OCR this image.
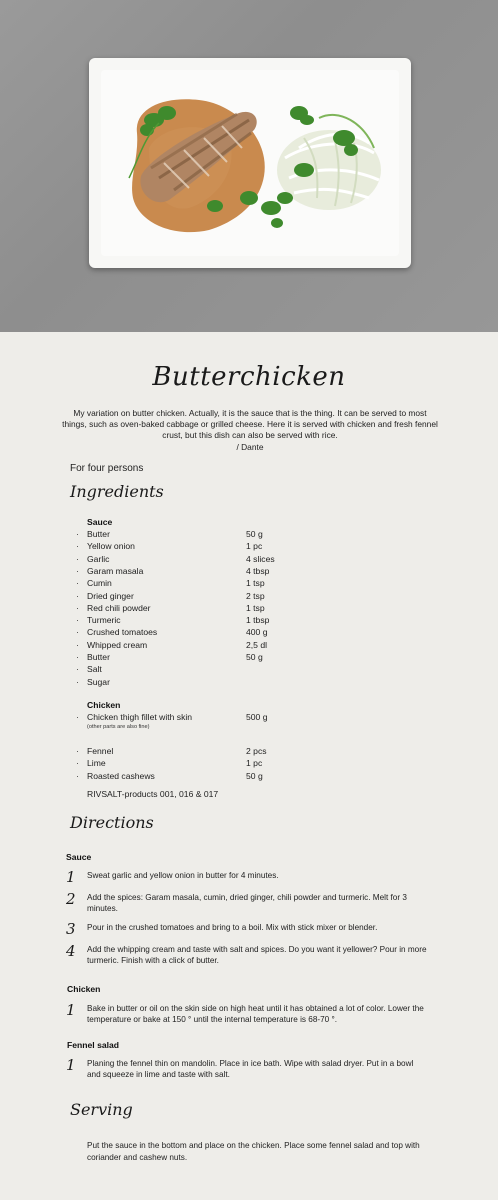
Butterchicken
My variation on butter chicken. Actually, it is the sauce that is the thing. It can be served to most things, such as oven-baked cabbage or grilled cheese. Here it is served with chicken and fresh fennel crust, but this dish can also be served with rice.
/ Dante
For four persons
Ingredients
Sauce
· Butter	50 g
· Yellow onion	1 pc
· Garlic	4 slices
· Garam masala	4 tbsp
· Cumin	1 tsp
· Dried ginger	2 tsp
· Red chili powder	1 tsp
· Turmeric	1 tbsp
· Crushed tomatoes	400 g
· Whipped cream	2,5 dl
· Butter	50 g
· Salt
· Sugar
Chicken
· Chicken thigh fillet with skin	500 g
(other parts are also fine)
· Fennel	2 pcs
· Lime	1 pc
· Roasted cashews	50 g
RIVSALT-products 001, 016 & 017
Directions
Sauce
1 Sweat garlic and yellow onion in butter for 4 minutes.
2 Add the spices: Garam masala, cumin, dried ginger, chili powder and turmeric. Melt for 3 minutes.
3 Pour in the crushed tomatoes and bring to a boil. Mix with stick mixer or blender.
4 Add the whipping cream and taste with salt and spices. Do you want it yellower? Pour in more turmeric. Finish with a click of butter.
Chicken
1 Bake in butter or oil on the skin side on high heat until it has obtained a lot of color. Lower the temperature or bake at 150 ° until the internal temperature is 68-70 °.
Fennel salad
1 Planing the fennel thin on mandolin. Place in ice bath. Wipe with salad dryer. Put in a bowl and squeeze in lime and taste with salt.
Serving
Put the sauce in the bottom and place on the chicken. Place some fennel salad and top with coriander and cashew nuts.
